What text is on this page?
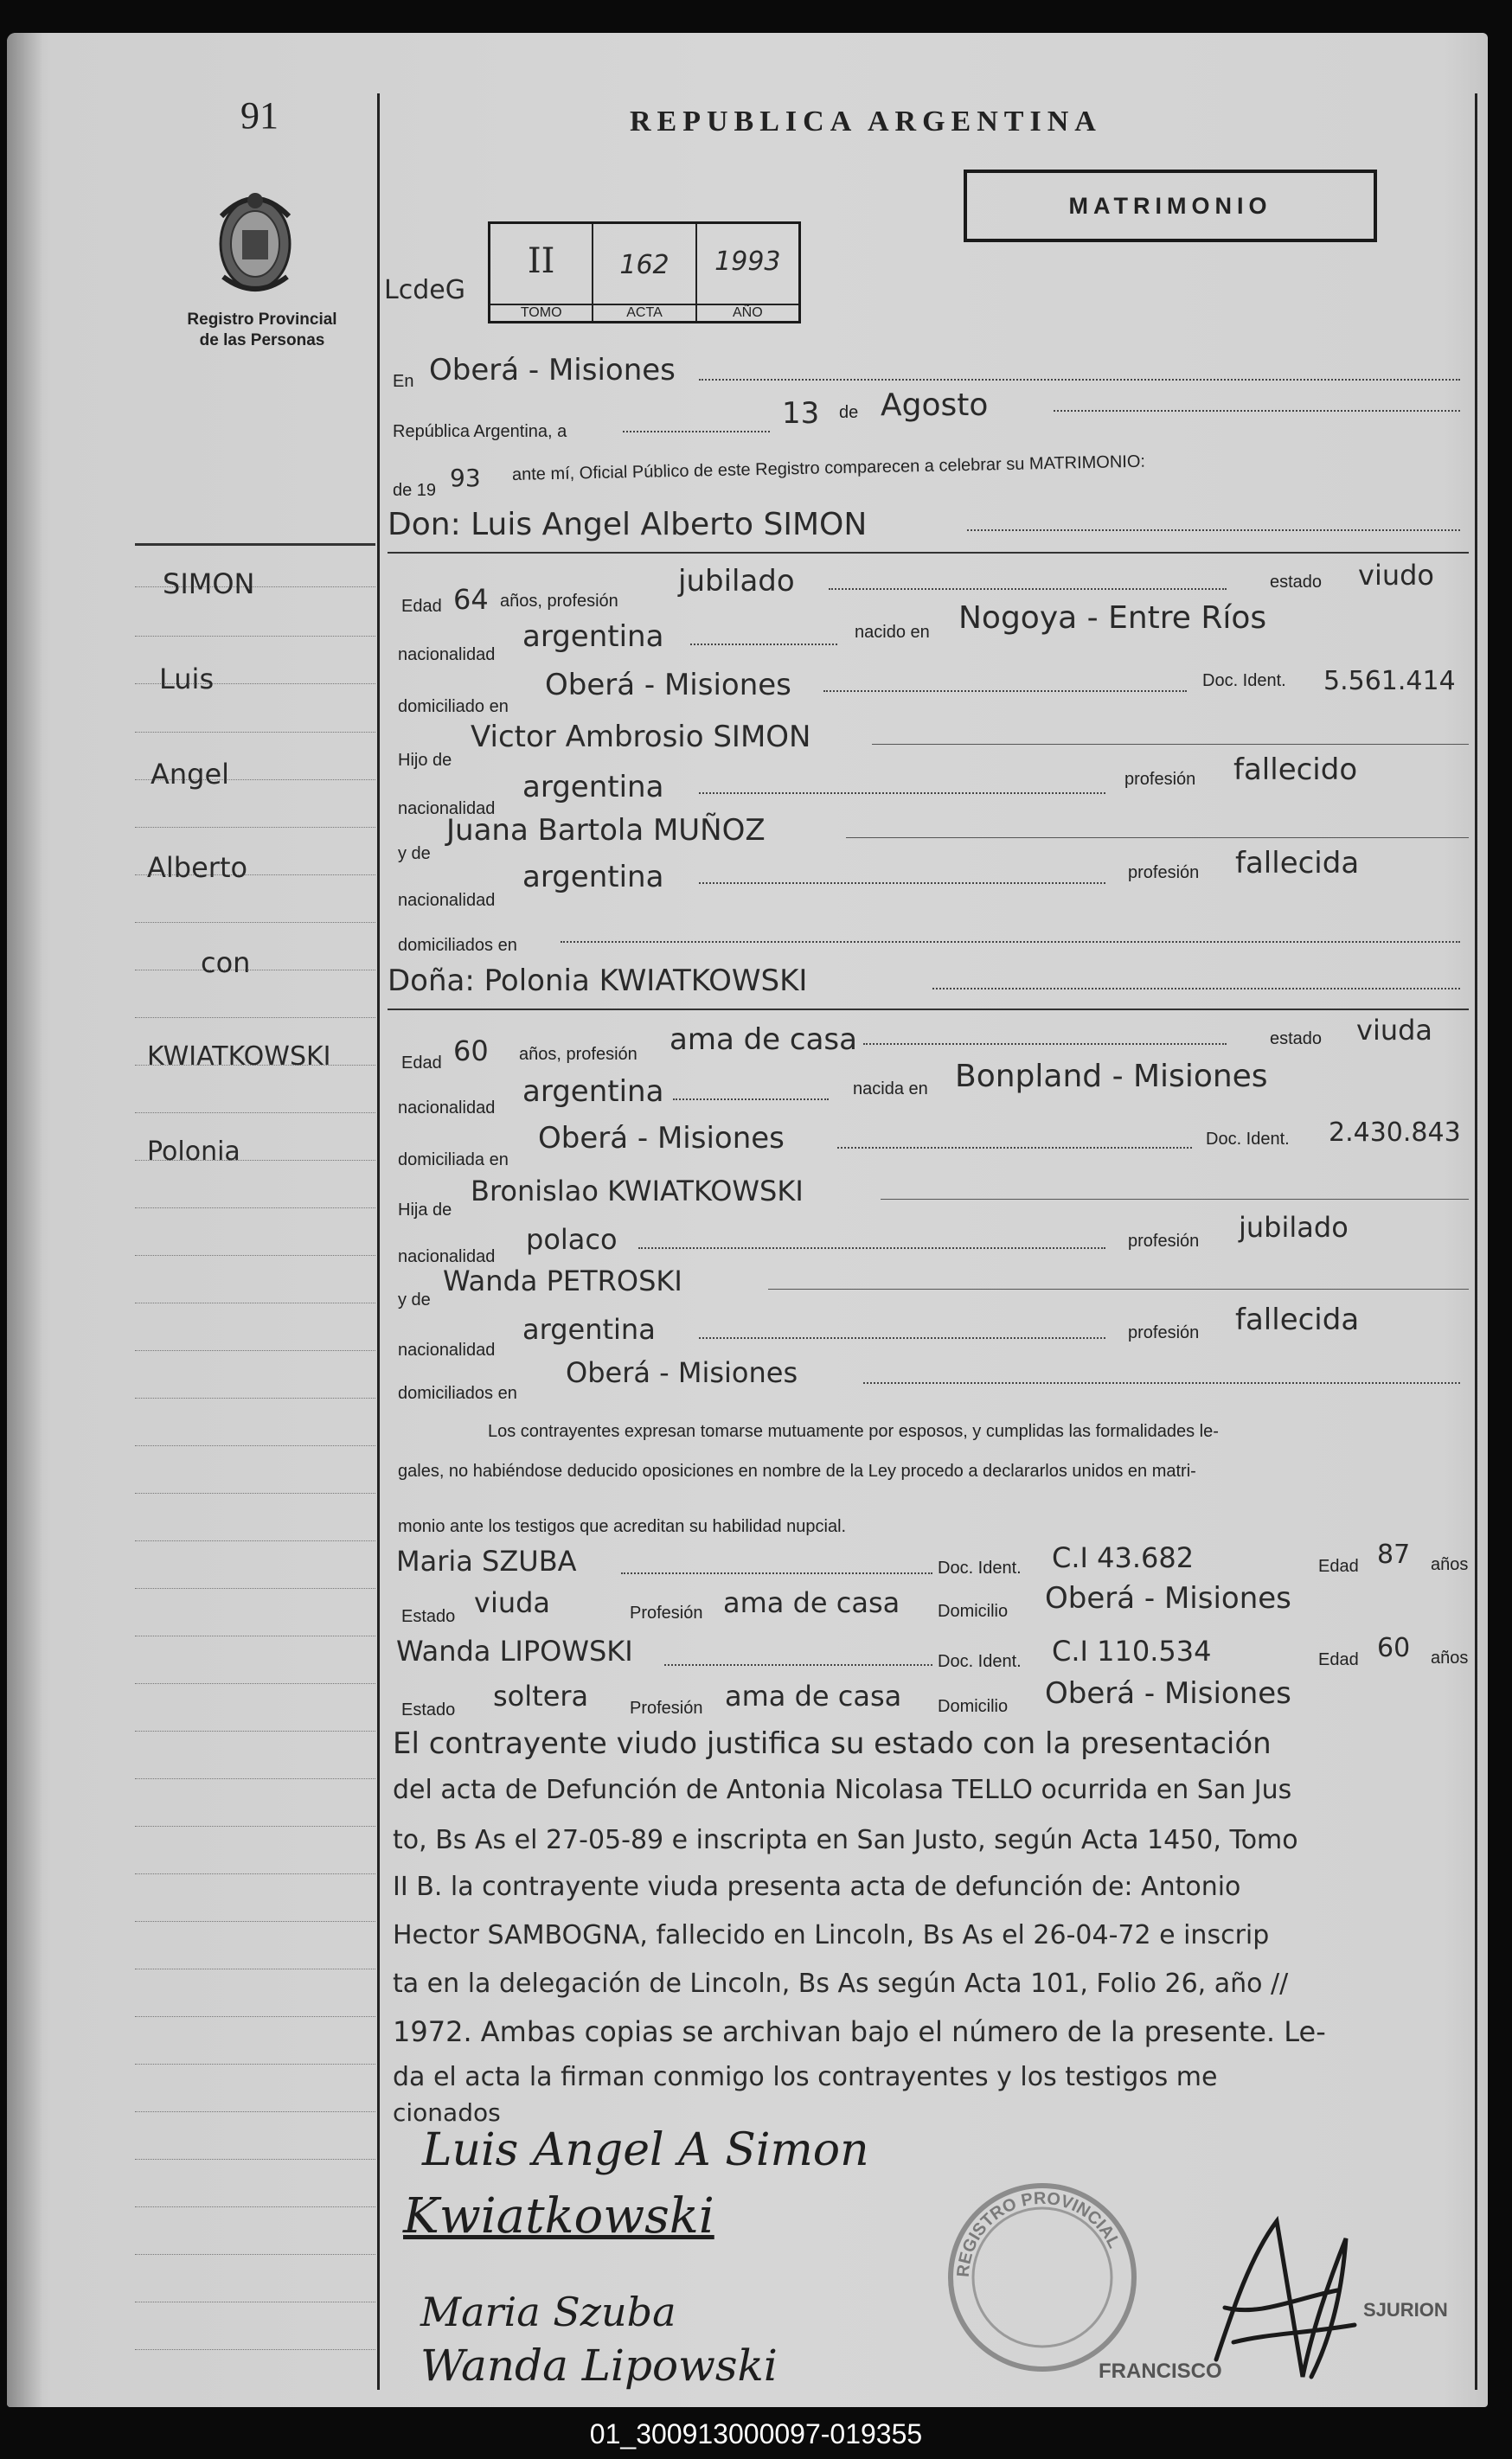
91
Registro Provincial
de las Personas
REPUBLICA ARGENTINA
MATRIMONIO
LcdeG
II
TOMO
162
ACTA
1993
AÑO
SIMON
Luis
Angel
Alberto
con
KWIATKOWSKI
Polonia
En Oberá - Misiones
República Argentina, a
13 de Agosto
de 19 93 ante mí, Oficial Público de este Registro comparecen a celebrar su MATRIMONIO:
Don: Luis Angel Alberto SIMON
Edad 64 años, profesión
jubilado	estado viudo
nacionalidad
argentina	nacido en Nogoya - Entre Ríos
domiciliado en
Oberá - Misiones	Doc. Ident. 5.561.414
Hijo de
Victor Ambrosio SIMON
nacionalidad
argentina	profesión fallecido
y de
Juana Bartola MUÑOZ
nacionalidad
argentina	profesión fallecida
domiciliados en
Doña: Polonia KWIATKOWSKI
Edad 60 años, profesión ama de casa	estado viuda
nacionalidad argentina	nacida en Bonpland - Misiones
domiciliada en
Oberá - Misiones	Doc. Ident. 2.430.843
Hija de
Bronislao KWIATKOWSKI
nacionalidad
polaco	profesión jubilado
y de
Wanda PETROSKI
nacionalidad
argentina	profesión fallecida
domiciliados en
Oberá - Misiones
Los contrayentes expresan tomarse mutuamente por esposos, y cumplidas las formalidades le-
gales, no habiéndose deducido oposiciones en nombre de la Ley procedo a declararlos unidos en matri-
monio ante los testigos que acreditan su habilidad nupcial.
Maria SZUBA	Doc. Ident. C.I 43.682	Edad 87 años
Estado viuda	Profesión ama de casa Domicilio Oberá - Misiones
Wanda LIPOWSKI	Doc. Ident. C.I 110.534	Edad 60 años
Estado soltera Profesión ama de casa Domicilio Oberá - Misiones
El contrayente viudo justifica su estado con la presentación
del acta de Defunción de Antonia Nicolasa TELLO ocurrida en San Jus
to, Bs As el 27-05-89 e inscripta en San Justo, según Acta 1450, Tomo
II B. la contrayente viuda presenta acta de defunción de: Antonio
Hector SAMBOGNA, fallecido en Lincoln, Bs As el 26-04-72 e inscrip
ta en la delegación de Lincoln, Bs As según Acta 101, Folio 26, año //
1972. Ambas copias se archivan bajo el número de la presente. Le-
da el acta la firman conmigo los contrayentes y los testigos me
cionados
Luis Angel A Simon
Kwiatkowski
Maria Szuba
Wanda Lipowski
REGISTRO PROVINCIAL
FRANCISCO
SJURION
01_300913000097-019355
